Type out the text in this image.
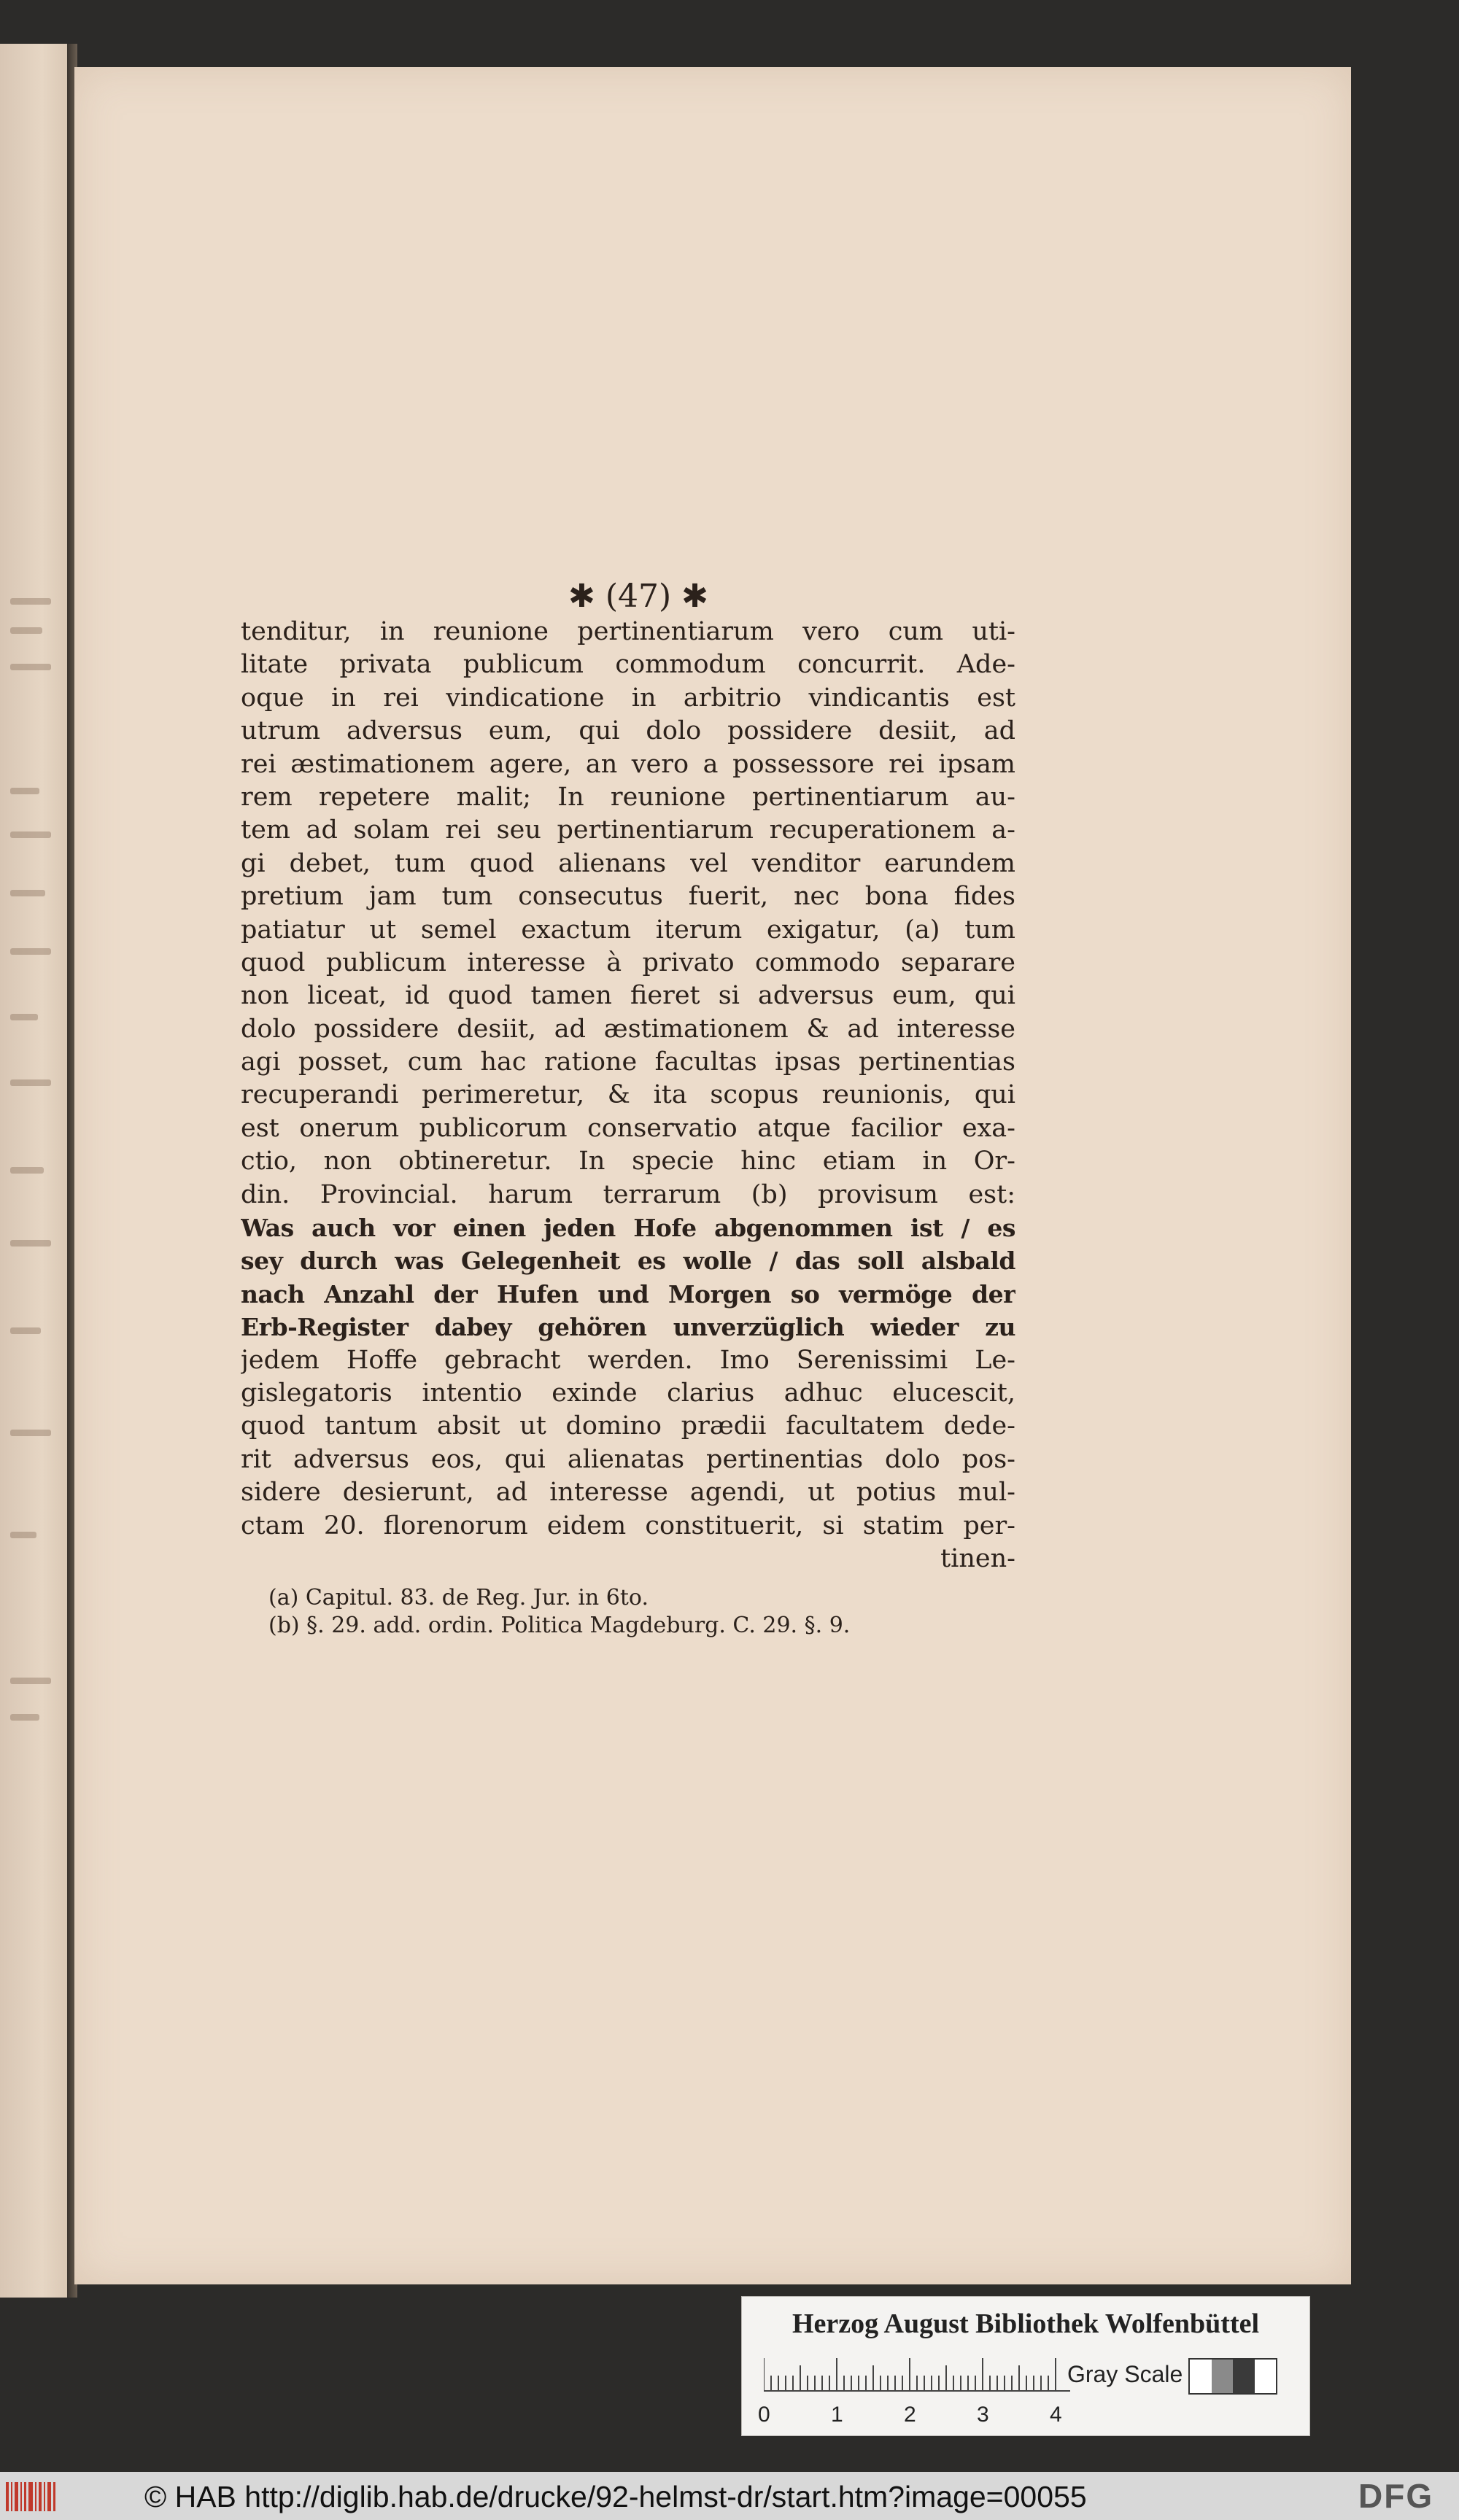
✱ (47) ✱
tenditur, in reunione pertinentiarum vero cum uti-
litate privata publicum commodum concurrit. Ade-
oque in rei vindicatione in arbitrio vindicantis est
utrum adversus eum, qui dolo possidere desiit, ad
rei æstimationem agere, an vero a possessore rei ipsam
rem repetere malit; In reunione pertinentiarum au-
tem ad solam rei seu pertinentiarum recuperationem a-
gi debet, tum quod alienans vel venditor earundem
pretium jam tum consecutus fuerit, nec bona fides
patiatur ut semel exactum iterum exigatur, (a) tum
quod publicum interesse à privato commodo separare
non liceat, id quod tamen fieret si adversus eum, qui
dolo possidere desiit, ad æstimationem & ad interesse
agi posset, cum hac ratione facultas ipsas pertinentias
recuperandi perimeretur, & ita scopus reunionis, qui
est onerum publicorum conservatio atque facilior exa-
ctio, non obtineretur. In specie hinc etiam in Or-
din. Provincial. harum terrarum (b) provisum est:
Was auch vor einen jeden Hofe abgenommen ist / es
sey durch was Gelegenheit es wolle / das soll alsbald
nach Anzahl der Hufen und Morgen so vermöge der
Erb-Register dabey gehören unverzüglich wieder zu
jedem Hoffe gebracht werden. Imo Serenissimi Le-
gislegatoris intentio exinde clarius adhuc elucescit,
quod tantum absit ut domino prædii facultatem dede-
rit adversus eos, qui alienatas pertinentias dolo pos-
sidere desierunt, ad interesse agendi, ut potius mul-
ctam 20. florenorum eidem constituerit, si statim per-
tinen-
(a) Capitul. 83. de Reg. Jur. in 6to.
(b) §. 29. add. ordin. Politica Magdeburg. C. 29. §. 9.
Herzog August Bibliothek Wolfenbüttel
Gray Scale
0	1	2	3	4
© HAB http://diglib.hab.de/drucke/92-helmst-dr/start.htm?image=00055	DFG
